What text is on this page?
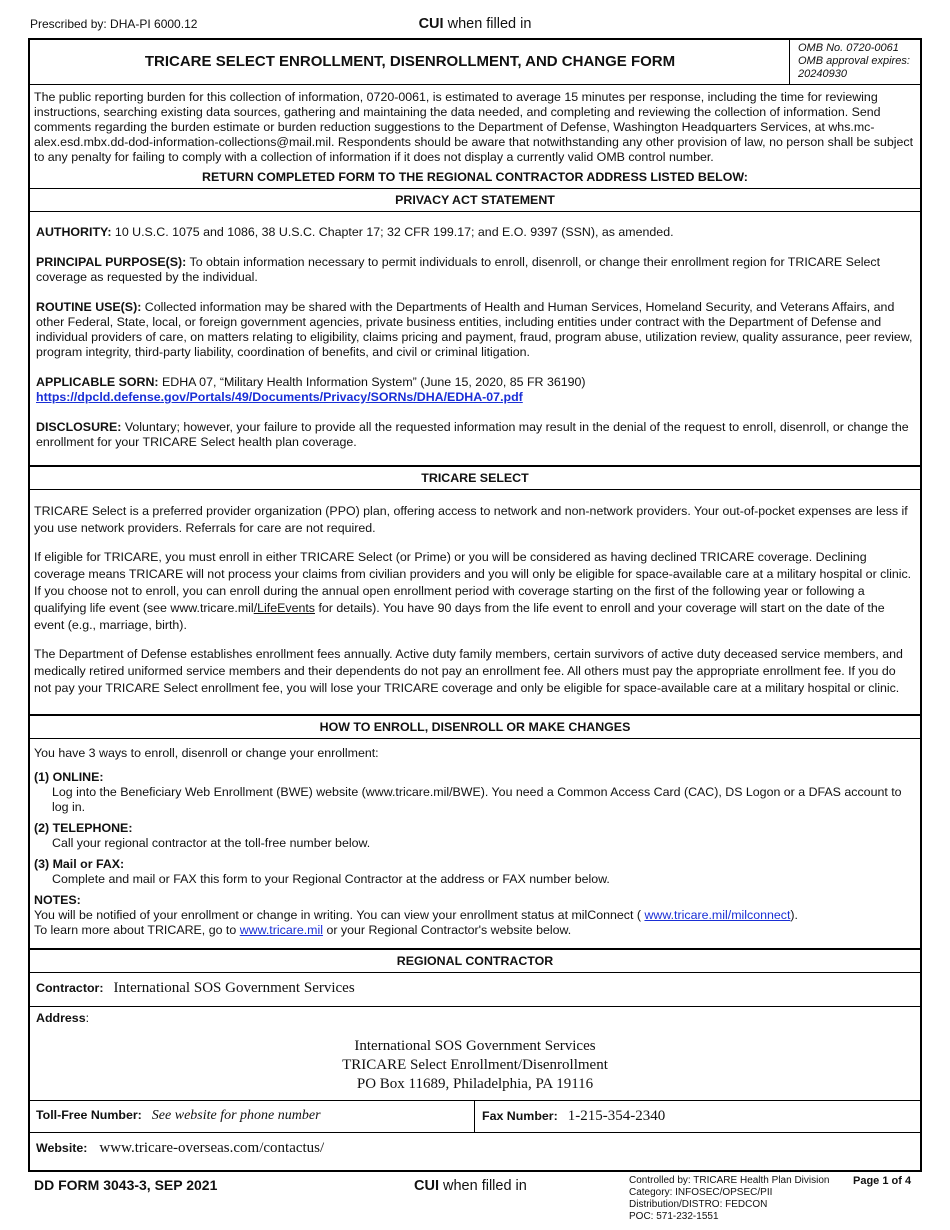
Prescribed by: DHA-PI 6000.12	CUI when filled in
TRICARE SELECT ENROLLMENT, DISENROLLMENT, AND CHANGE FORM
OMB No. 0720-0061
OMB approval expires:
20240930
The public reporting burden for this collection of information, 0720-0061, is estimated to average 15 minutes per response, including the time for reviewing instructions, searching existing data sources, gathering and maintaining the data needed, and completing and reviewing the collection of information. Send comments regarding the burden estimate or burden reduction suggestions to the Department of Defense, Washington Headquarters Services, at whs.mc-alex.esd.mbx.dd-dod-information-collections@mail.mil. Respondents should be aware that notwithstanding any other provision of law, no person shall be subject to any penalty for failing to comply with a collection of information if it does not display a currently valid OMB control number.
RETURN COMPLETED FORM TO THE REGIONAL CONTRACTOR ADDRESS LISTED BELOW:
PRIVACY ACT STATEMENT

AUTHORITY: 10 U.S.C. 1075 and 1086, 38 U.S.C. Chapter 17; 32 CFR 199.17; and E.O. 9397 (SSN), as amended.

PRINCIPAL PURPOSE(S): To obtain information necessary to permit individuals to enroll, disenroll, or change their enrollment region for TRICARE Select coverage as requested by the individual.

ROUTINE USE(S): Collected information may be shared with the Departments of Health and Human Services, Homeland Security, and Veterans Affairs, and other Federal, State, local, or foreign government agencies, private business entities, including entities under contract with the Department of Defense and individual providers of care, on matters relating to eligibility, claims pricing and payment, fraud, program abuse, utilization review, quality assurance, peer review, program integrity, third-party liability, coordination of benefits, and civil or criminal litigation.

APPLICABLE SORN: EDHA 07, “Military Health Information System” (June 15, 2020, 85 FR 36190) https://dpcld.defense.gov/Portals/49/Documents/Privacy/SORNs/DHA/EDHA-07.pdf

DISCLOSURE: Voluntary; however, your failure to provide all the requested information may result in the denial of the request to enroll, disenroll, or change the enrollment for your TRICARE Select health plan coverage.

TRICARE SELECT

TRICARE Select is a preferred provider organization (PPO) plan, offering access to network and non-network providers. Your out-of-pocket expenses are less if you use network providers. Referrals for care are not required.

If eligible for TRICARE, you must enroll in either TRICARE Select (or Prime) or you will be considered as having declined TRICARE coverage. Declining coverage means TRICARE will not process your claims from civilian providers and you will only be eligible for space-available care at a military hospital or clinic. If you choose not to enroll, you can enroll during the annual open enrollment period with coverage starting on the first of the following year or following a qualifying life event (see www.tricare.mil/LifeEvents for details). You have 90 days from the life event to enroll and your coverage will start on the date of the event (e.g., marriage, birth).

The Department of Defense establishes enrollment fees annually. Active duty family members, certain survivors of active duty deceased service members, and medically retired uniformed service members and their dependents do not pay an enrollment fee. All others must pay the appropriate enrollment fee. If you do not pay your TRICARE Select enrollment fee, you will lose your TRICARE coverage and only be eligible for space-available care at a military hospital or clinic.

HOW TO ENROLL, DISENROLL OR MAKE CHANGES
You have 3 ways to enroll, disenroll or change your enrollment:
(1) ONLINE:
Log into the Beneficiary Web Enrollment (BWE) website (www.tricare.mil/BWE). You need a Common Access Card (CAC), DS Logon or a DFAS account to log in.
(2) TELEPHONE:
Call your regional contractor at the toll-free number below.
(3) Mail or FAX:
Complete and mail or FAX this form to your Regional Contractor at the address or FAX number below.
NOTES:
You will be notified of your enrollment or change in writing. You can view your enrollment status at milConnect ( www.tricare.mil/milconnect).
To learn more about TRICARE, go to www.tricare.mil or your Regional Contractor's website below.
REGIONAL CONTRACTOR
Contractor: International SOS Government Services
Address:
International SOS Government Services
TRICARE Select Enrollment/Disenrollment
PO Box 11689, Philadelphia, PA 19116
Toll-Free Number: See website for phone number	Fax Number: 1-215-354-2340
Website: www.tricare-overseas.com/contactus/
DD FORM 3043-3, SEP 2021	CUI when filled in	Controlled by: TRICARE Health Plan Division
Category: INFOSEC/OPSEC/PII
Distribution/DISTRO: FEDCON
POC: 571-232-1551
Page 1 of 4
